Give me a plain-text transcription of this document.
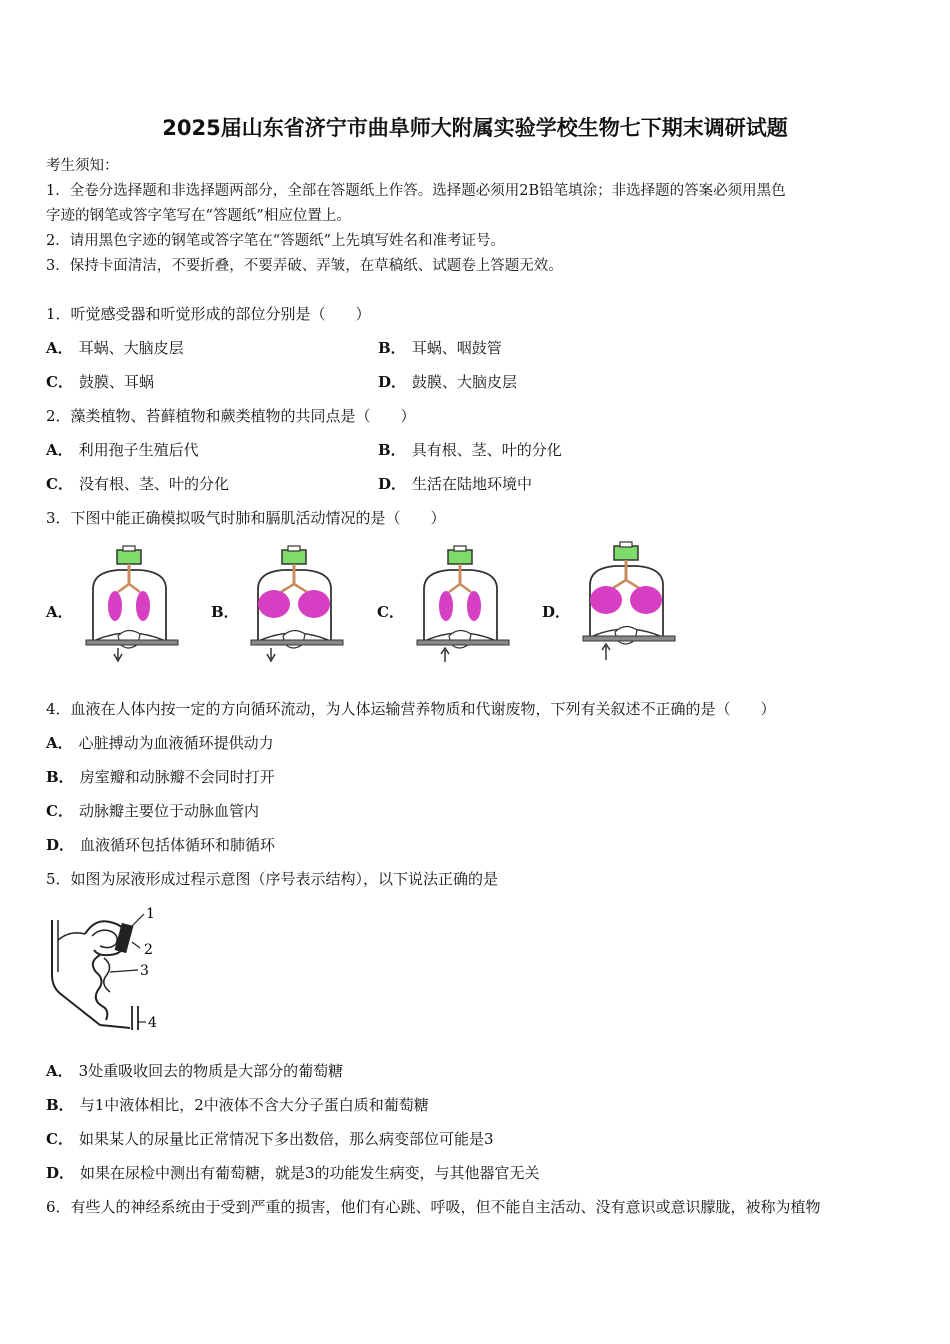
2025届山东省济宁市曲阜师大附属实验学校生物七下期末调研试题
考生须知：
1．全卷分选择题和非选择题两部分，全部在答题纸上作答。选择题必须用2B铅笔填涂；非选择题的答案必须用黑色
字迹的钢笔或答字笔写在“答题纸”相应位置上。
2．请用黑色字迹的钢笔或答字笔在“答题纸”上先填写姓名和准考证号。
3．保持卡面清洁，不要折叠，不要弄破、弄皱，在草稿纸、试题卷上答题无效。
1．听觉感受器和听觉形成的部位分别是（　　）
A． 耳蜗、大脑皮层	B． 耳蜗、咽鼓管
C． 鼓膜、耳蜗	D． 鼓膜、大脑皮层
2．藻类植物、苔藓植物和蕨类植物的共同点是（　　）
A． 利用孢子生殖后代	B． 具有根、茎、叶的分化
C． 没有根、茎、叶的分化	D． 生活在陆地环境中
3．下图中能正确模拟吸气时肺和膈肌活动情况的是（　　）
A．	B．	C．	D．
4．血液在人体内按一定的方向循环流动，为人体运输营养物质和代谢废物，下列有关叙述不正确的是（　　）
A． 心脏搏动为血液循环提供动力
B． 房室瓣和动脉瓣不会同时打开
C． 动脉瓣主要位于动脉血管内
D． 血液循环包括体循环和肺循环
5．如图为尿液形成过程示意图（序号表示结构），以下说法正确的是
1
2
3
4
A． 3处重吸收回去的物质是大部分的葡萄糖
B． 与1中液体相比，2中液体不含大分子蛋白质和葡萄糖
C． 如果某人的尿量比正常情况下多出数倍，那么病变部位可能是3
D． 如果在尿检中测出有葡萄糖，就是3的功能发生病变，与其他器官无关
6．有些人的神经系统由于受到严重的损害，他们有心跳、呼吸，但不能自主活动、没有意识或意识朦胧，被称为植物
